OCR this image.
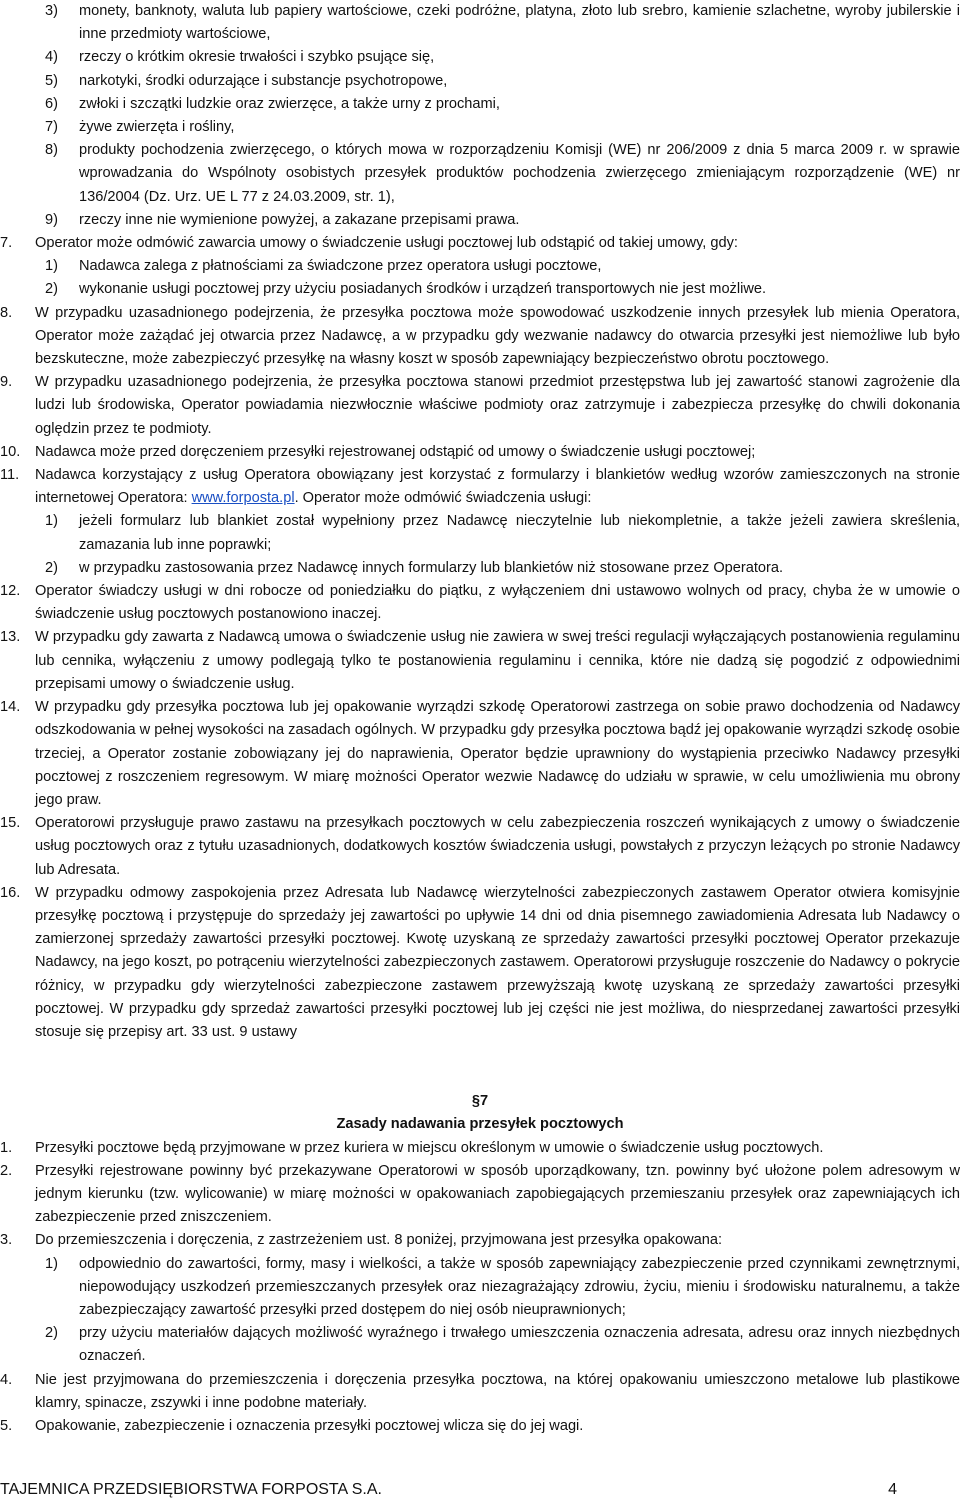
3) monety, banknoty, waluta lub papiery wartościowe, czeki podróżne, platyna, złoto lub srebro, kamienie szlachetne, wyroby jubilerskie i inne przedmioty wartościowe,
4) rzeczy o krótkim okresie trwałości i szybko psujące się,
5) narkotyki, środki odurzające i substancje psychotropowe,
6) zwłoki i szczątki ludzkie oraz zwierzęce, a także urny z prochami,
7) żywe zwierzęta i rośliny,
8) produkty pochodzenia zwierzęcego, o których mowa w rozporządzeniu Komisji (WE) nr 206/2009 z dnia 5 marca 2009 r. w sprawie wprowadzania do Wspólnoty osobistych przesyłek produktów pochodzenia zwierzęcego zmieniającym rozporządzenie (WE) nr 136/2004 (Dz. Urz. UE L 77 z 24.03.2009, str. 1),
9) rzeczy inne nie wymienione powyżej, a zakazane przepisami prawa.
7. Operator może odmówić zawarcia umowy o świadczenie usługi pocztowej lub odstąpić od takiej umowy, gdy:
1) Nadawca zalega z płatnościami za świadczone przez operatora usługi pocztowe,
2) wykonanie usługi pocztowej przy użyciu posiadanych środków i urządzeń transportowych nie jest możliwe.
8. W przypadku uzasadnionego podejrzenia, że przesyłka pocztowa może spowodować uszkodzenie innych przesyłek lub mienia Operatora, Operator może zażądać jej otwarcia przez Nadawcę, a w przypadku gdy wezwanie nadawcy do otwarcia przesyłki jest niemożliwe lub było bezskuteczne, może zabezpieczyć przesyłkę na własny koszt w sposób zapewniający bezpieczeństwo obrotu pocztowego.
9. W przypadku uzasadnionego podejrzenia, że przesyłka pocztowa stanowi przedmiot przestępstwa lub jej zawartość stanowi zagrożenie dla ludzi lub środowiska, Operator powiadamia niezwłocznie właściwe podmioty oraz zatrzymuje i zabezpiecza przesyłkę do chwili dokonania oględzin przez te podmioty.
10. Nadawca może przed doręczeniem przesyłki rejestrowanej odstąpić od umowy o świadczenie usługi pocztowej;
11. Nadawca korzystający z usług Operatora obowiązany jest korzystać z formularzy i blankietów według wzorów zamieszczonych na stronie internetowej Operatora: www.forposta.pl. Operator może odmówić świadczenia usługi:
1) jeżeli formularz lub blankiet został wypełniony przez Nadawcę nieczytelnie lub niekompletnie, a także jeżeli zawiera skreślenia, zamazania lub inne poprawki;
2) w przypadku zastosowania przez Nadawcę innych formularzy lub blankietów niż stosowane przez Operatora.
12. Operator świadczy usługi w dni robocze od poniedziałku do piątku, z wyłączeniem dni ustawowo wolnych od pracy, chyba że w umowie o świadczenie usług pocztowych postanowiono inaczej.
13. W przypadku gdy zawarta z Nadawcą umowa o świadczenie usług nie zawiera w swej treści regulacji wyłączających postanowienia regulaminu lub cennika, wyłączeniu z umowy podlegają tylko te postanowienia regulaminu i cennika, które nie dadzą się pogodzić z odpowiednimi przepisami umowy o świadczenie usług.
14. W przypadku gdy przesyłka pocztowa lub jej opakowanie wyrządzi szkodę Operatorowi zastrzega on sobie prawo dochodzenia od Nadawcy odszkodowania w pełnej wysokości na zasadach ogólnych. W przypadku gdy przesyłka pocztowa bądź jej opakowanie wyrządzi szkodę osobie trzeciej, a Operator zostanie zobowiązany jej do naprawienia, Operator będzie uprawniony do wystąpienia przeciwko Nadawcy przesyłki pocztowej z roszczeniem regresowym. W miarę możności Operator wezwie Nadawcę do udziału w sprawie, w celu umożliwienia mu obrony jego praw.
15. Operatorowi przysługuje prawo zastawu na przesyłkach pocztowych w celu zabezpieczenia roszczeń wynikających z umowy o świadczenie usług pocztowych oraz z tytułu uzasadnionych, dodatkowych kosztów świadczenia usługi, powstałych z przyczyn leżących po stronie Nadawcy lub Adresata.
16. W przypadku odmowy zaspokojenia przez Adresata lub Nadawcę wierzytelności zabezpieczonych zastawem Operator otwiera komisyjnie przesyłkę pocztową i przystępuje do sprzedaży jej zawartości po upływie 14 dni od dnia pisemnego zawiadomienia Adresata lub Nadawcy o zamierzonej sprzedaży zawartości przesyłki pocztowej. Kwotę uzyskaną ze sprzedaży zawartości przesyłki pocztowej Operator przekazuje Nadawcy, na jego koszt, po potrąceniu wierzytelności zabezpieczonych zastawem. Operatorowi przysługuje roszczenie do Nadawcy o pokrycie różnicy, w przypadku gdy wierzytelności zabezpieczone zastawem przewyższają kwotę uzyskaną ze sprzedaży zawartości przesyłki pocztowej. W przypadku gdy sprzedaż zawartości przesyłki pocztowej lub jej części nie jest możliwa, do niesprzedanej zawartości przesyłki stosuje się przepisy art. 33 ust. 9 ustawy
§7
Zasady nadawania przesyłek pocztowych
1. Przesyłki pocztowe będą przyjmowane w przez kuriera w miejscu określonym w umowie o świadczenie usług pocztowych.
2. Przesyłki rejestrowane powinny być przekazywane Operatorowi w sposób uporządkowany, tzn. powinny być ułożone polem adresowym w jednym kierunku (tzw. wylicowanie) w miarę możności w opakowaniach zapobiegających przemieszaniu przesyłek oraz zapewniających ich zabezpieczenie przed zniszczeniem.
3. Do przemieszczenia i doręczenia, z zastrzeżeniem ust. 8 poniżej, przyjmowana jest przesyłka opakowana:
1) odpowiednio do zawartości, formy, masy i wielkości, a także w sposób zapewniający zabezpieczenie przed czynnikami zewnętrznymi, niepowodujący uszkodzeń przemieszczanych przesyłek oraz niezagrażający zdrowiu, życiu, mieniu i środowisku naturalnemu, a także zabezpieczający zawartość przesyłki przed dostępem do niej osób nieuprawnionych;
2) przy użyciu materiałów dających możliwość wyraźnego i trwałego umieszczenia oznaczenia adresata, adresu oraz innych niezbędnych oznaczeń.
4. Nie jest przyjmowana do przemieszczenia i doręczenia przesyłka pocztowa, na której opakowaniu umieszczono metalowe lub plastikowe klamry, spinacze, zszywki i inne podobne materiały.
5. Opakowanie, zabezpieczenie i oznaczenia przesyłki pocztowej wlicza się do jej wagi.
TAJEMNICA PRZEDSIĘBIORSTWA FORPOSTA S.A.	4
